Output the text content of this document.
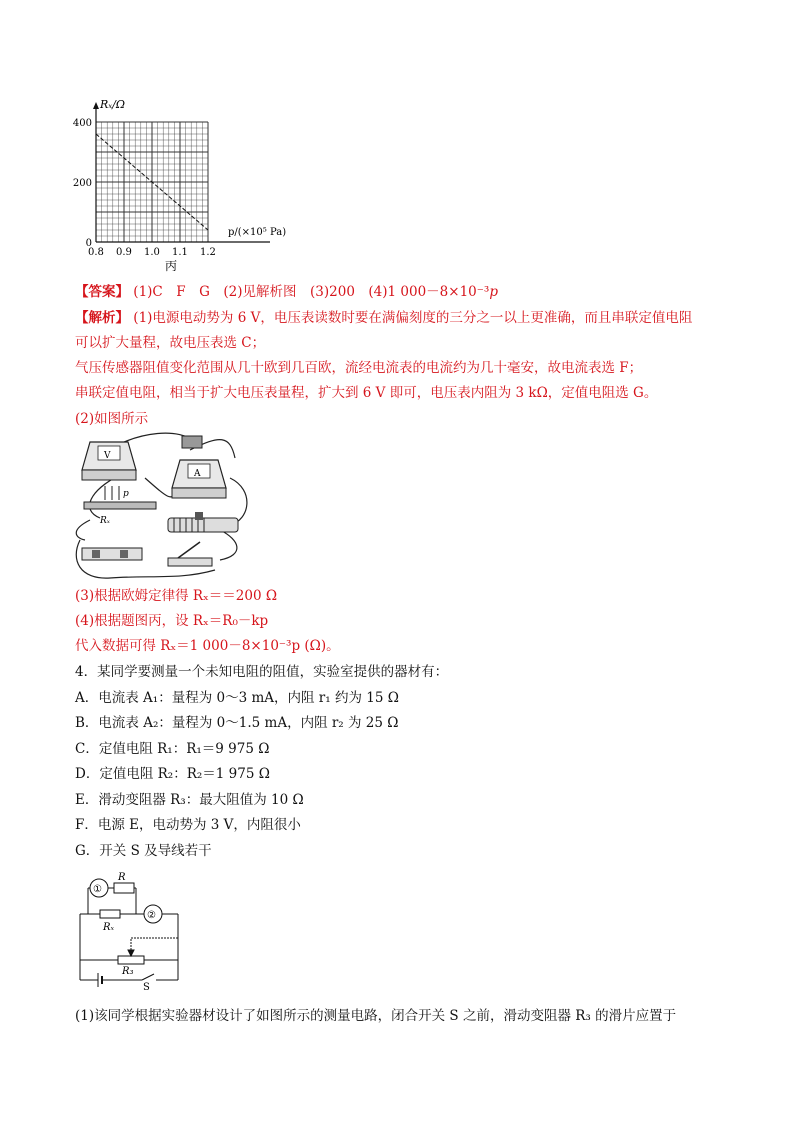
0.8 0.9 1.0 1.1 1.2
0
200
400
Rₓ/Ω
p/(×10⁵ Pa)
丙
【答案】 (1)C　F　G　(2)见解析图　(3)200　(4)1 000－8×10⁻³p
【解析】 (1)电源电动势为 6 V，电压表读数时要在满偏刻度的三分之一以上更准确，而且串联定值电阻
可以扩大量程，故电压表选 C；
气压传感器阻值变化范围从几十欧到几百欧，流经电流表的电流约为几十毫安，故电流表选 F；
串联定值电阻，相当于扩大电压表量程，扩大到 6 V 即可，电压表内阻为 3 kΩ，定值电阻选 G。
(2)如图所示
V
A
p
Rₓ
(3)根据欧姆定律得 Rₓ＝＝200 Ω
(4)根据题图丙，设 Rₓ＝R₀－kp
代入数据可得 Rₓ＝1 000－8×10⁻³p (Ω)。
4．某同学要测量一个未知电阻的阻值，实验室提供的器材有：
A．电流表 A₁：量程为 0～3 mA，内阻 r₁ 约为 15 Ω
B．电流表 A₂：量程为 0～1.5 mA，内阻 r₂ 为 25 Ω
C．定值电阻 R₁：R₁＝9 975 Ω
D．定值电阻 R₂：R₂＝1 975 Ω
E．滑动变阻器 R₃：最大阻值为 10 Ω
F．电源 E，电动势为 3 V，内阻很小
G．开关 S 及导线若干
①
②
R
Rₓ
R₃
S
(1)该同学根据实验器材设计了如图所示的测量电路，闭合开关 S 之前，滑动变阻器 R₃ 的滑片应置于
